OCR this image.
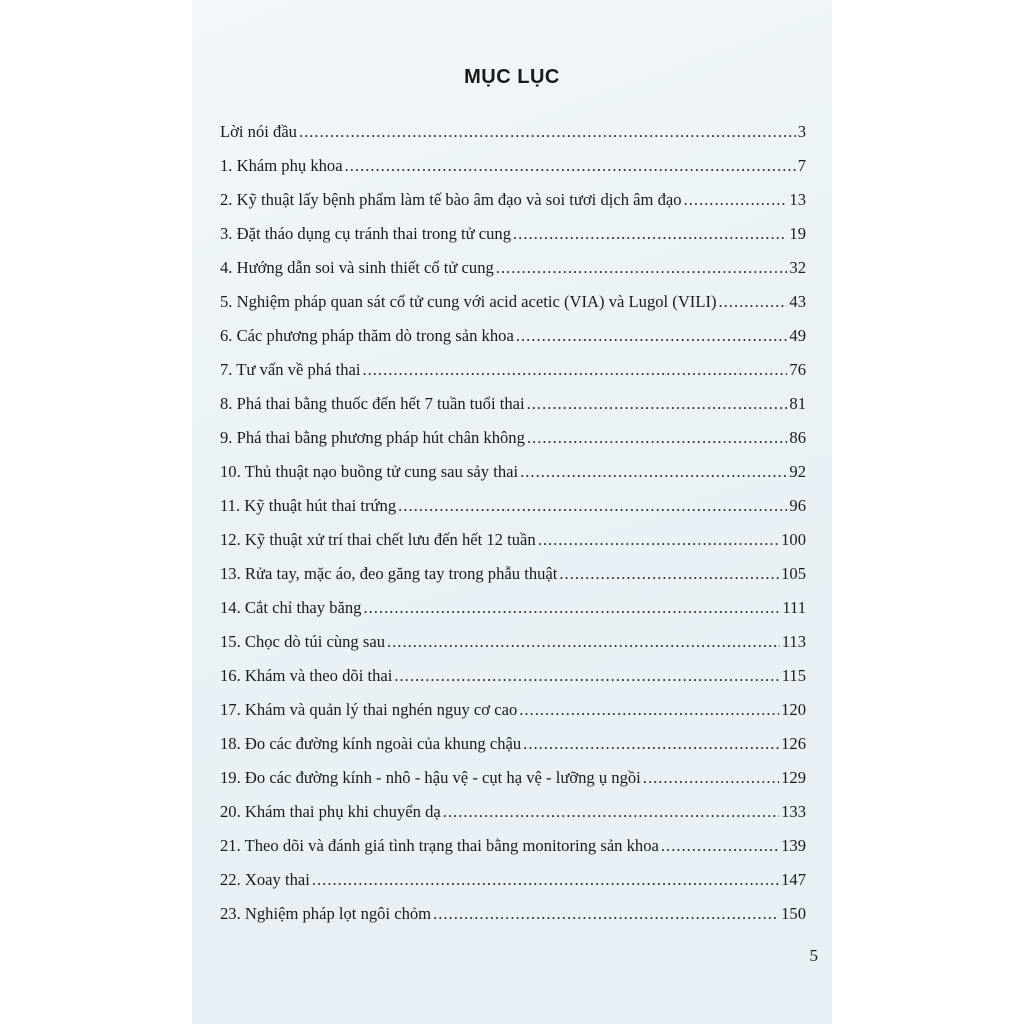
MỤC LỤC
Lời nói đầu .....	3
1. Khám phụ khoa .....	7
2. Kỹ thuật lấy bệnh phẩm làm tế bào âm đạo và soi tươi dịch âm đạo .....	13
3. Đặt tháo dụng cụ tránh thai trong tử cung .....	19
4. Hướng dẫn soi và sinh thiết cổ tử cung .....	32
5. Nghiệm pháp quan sát cổ tử cung với acid acetic (VIA) và Lugol (VILI) .....	43
6. Các phương pháp thăm dò trong sản khoa .....	49
7. Tư vấn về phá thai .....	76
8. Phá thai bằng thuốc đến hết 7 tuần tuổi thai .....	81
9. Phá thai bằng phương pháp hút chân không .....	86
10. Thủ thuật nạo buồng tử cung sau sảy thai .....	92
11. Kỹ thuật hút thai trứng .....	96
12. Kỹ thuật xử trí thai chết lưu đến hết 12 tuần .....	100
13. Rửa tay, mặc áo, đeo găng tay trong phẫu thuật .....	105
14. Cắt chỉ thay băng .....	111
15. Chọc dò túi cùng sau .....	113
16. Khám và theo dõi thai .....	115
17. Khám và quản lý thai nghén nguy cơ cao .....	120
18. Đo các đường kính ngoài của khung chậu .....	126
19. Đo các đường kính - nhô - hậu vệ - cụt hạ vệ - lưỡng ụ ngồi .....	129
20. Khám thai phụ khi chuyển dạ .....	133
21. Theo dõi và đánh giá tình trạng thai bằng monitoring sản khoa .....	139
22. Xoay thai .....	147
23. Nghiệm pháp lọt ngôi chỏm .....	150
5
